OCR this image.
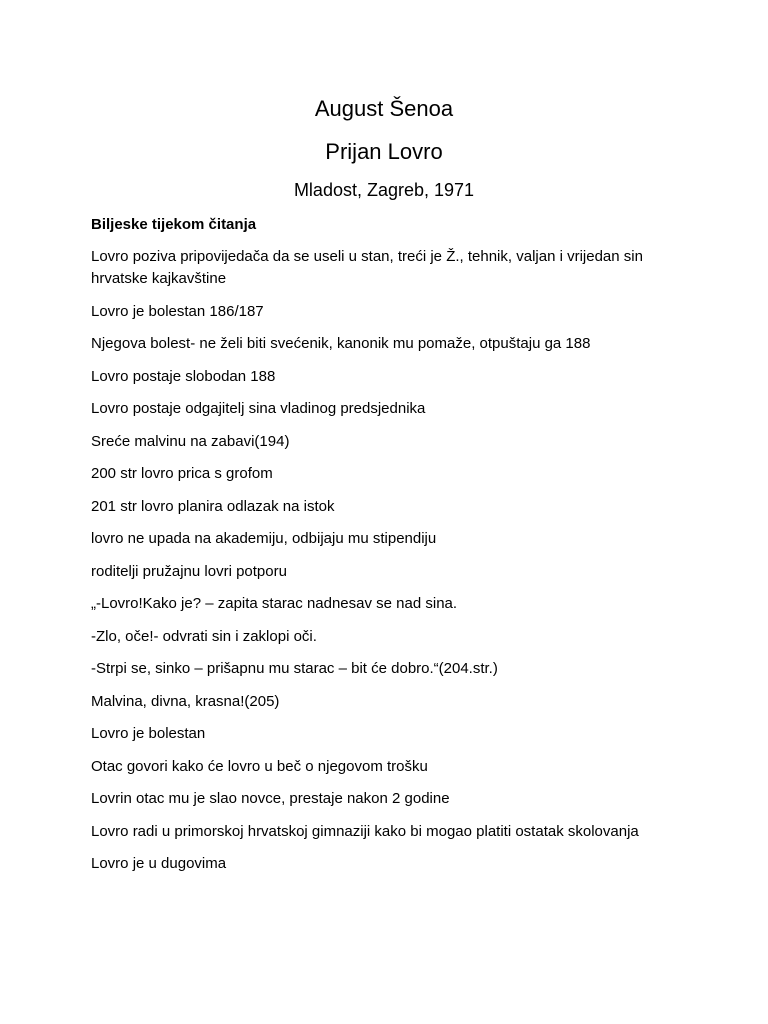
August Šenoa
Prijan Lovro
Mladost, Zagreb, 1971
Biljeske tijekom čitanja
Lovro poziva pripovijedača da se useli u stan, treći je Ž., tehnik, valjan i vrijedan sin hrvatske kajkavštine
Lovro je bolestan 186/187
Njegova bolest- ne želi biti svećenik, kanonik mu pomaže, otpuštaju ga 188
Lovro postaje slobodan 188
Lovro postaje odgajitelj sina vladinog predsjednika
Sreće malvinu na zabavi(194)
200 str lovro prica s grofom
201 str lovro planira odlazak na istok
lovro ne upada na akademiju, odbijaju mu stipendiju
roditelji pružajnu lovri potporu
„-Lovro!Kako je? – zapita starac nadnesav se nad sina.
-Zlo, oče!- odvrati sin i zaklopi oči.
-Strpi se, sinko – prišapnu mu starac – bit će dobro.“(204.str.)
Malvina, divna, krasna!(205)
Lovro je bolestan
Otac govori kako će lovro u beč o njegovom trošku
Lovrin otac mu je slao novce, prestaje nakon 2 godine
Lovro radi u primorskoj hrvatskoj gimnaziji kako bi mogao platiti ostatak skolovanja
Lovro je u dugovima
